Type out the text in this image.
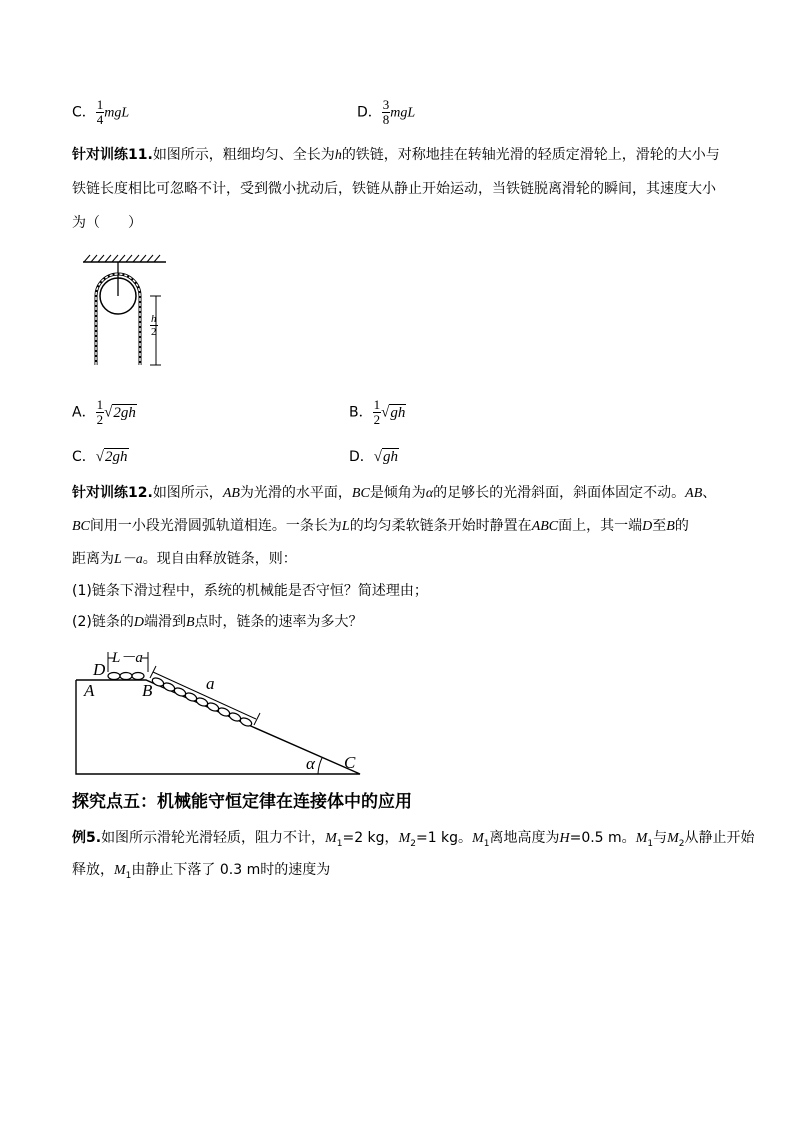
C． $\frac{1}{4}$ mgL	D． $\frac{3}{8}$ mgL
针对训练11.如图所示，粗细均匀、全长为h的铁链，对称地挂在转轴光滑的轻质定滑轮上，滑轮的大小与
铁链长度相比可忽略不计，受到微小扰动后，铁链从静止开始运动，当铁链脱离滑轮的瞬间，其速度大小
为（　　）
$\frac{h}{2}$
A． $\frac{1}{2} √2gh$	B． $\frac{1}{2} √gh$
C．√2gh	D．√gh
针对训练12.如图所示，AB为光滑的水平面，BC是倾角为α的足够长的光滑斜面，斜面体固定不动。AB、
BC间用一小段光滑圆弧轨道相连。一条长为L的均匀柔软链条开始时静置在ABC面上，其一端D至B的
距离为L－a。现自由释放链条，则：
(1)链条下滑过程中，系统的机械能是否守恒？简述理由；
(2)链条的D端滑到B点时，链条的速率为多大？
D
L－a
A	B	a
α C
探究点五：机械能守恒定律在连接体中的应用
例5.如图所示滑轮光滑轻质，阻力不计，$M_1=2$ kg，$M_2=1$ kg。$M_1$离地高度为H=0.5 m。$M_1$与$M_2$从静止开始
释放，$M_1$由静止下落了 0.3 m时的速度为
